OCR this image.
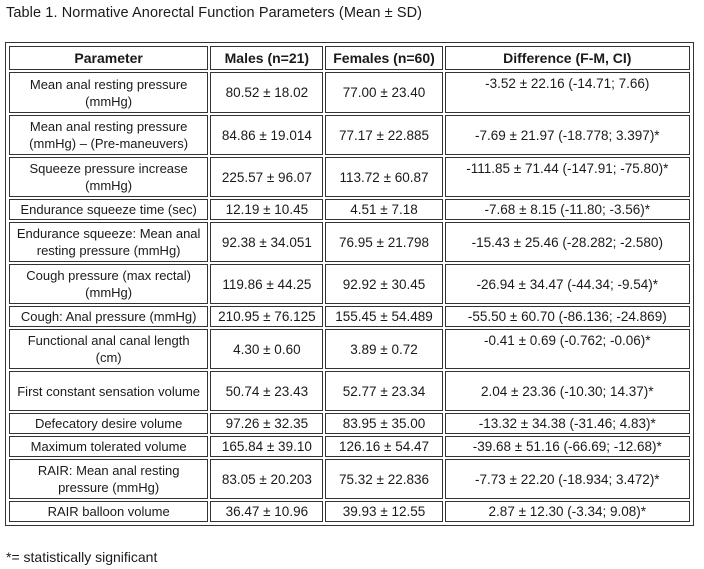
Table 1. Normative Anorectal Function Parameters (Mean ± SD)
Parameter	Males (n=21)	Females (n=60)	Difference (F-M, CI)
Mean anal resting pressure (mmHg)	80.52 ± 18.02	77.00 ± 23.40	-3.52 ± 22.16 (-14.71; 7.66)
Mean anal resting pressure (mmHg) – (Pre-maneuvers)	84.86 ± 19.014	77.17 ± 22.885	-7.69 ± 21.97 (-18.778; 3.397)*
Squeeze pressure increase (mmHg)	225.57 ± 96.07	113.72 ± 60.87	-111.85 ± 71.44 (-147.91; -75.80)*
Endurance squeeze time (sec)	12.19 ± 10.45	4.51 ± 7.18	-7.68 ± 8.15 (-11.80; -3.56)*
Endurance squeeze: Mean anal resting pressure (mmHg)	92.38 ± 34.051	76.95 ± 21.798	-15.43 ± 25.46 (-28.282; -2.580)
Cough pressure (max rectal) (mmHg)	119.86 ± 44.25	92.92 ± 30.45	-26.94 ± 34.47 (-44.34; -9.54)*
Cough: Anal pressure (mmHg)	210.95 ± 76.125	155.45 ± 54.489	-55.50 ± 60.70 (-86.136; -24.869)
Functional anal canal length (cm)	4.30 ± 0.60	3.89 ± 0.72	-0.41 ± 0.69 (-0.762; -0.06)*
First constant sensation volume	50.74 ± 23.43	52.77 ± 23.34	2.04 ± 23.36 (-10.30; 14.37)*
Defecatory desire volume	97.26 ± 32.35	83.95 ± 35.00	-13.32 ± 34.38 (-31.46; 4.83)*
Maximum tolerated volume	165.84 ± 39.10	126.16 ± 54.47	-39.68 ± 51.16 (-66.69; -12.68)*
RAIR: Mean anal resting pressure (mmHg)	83.05 ± 20.203	75.32 ± 22.836	-7.73 ± 22.20 (-18.934; 3.472)*
RAIR balloon volume	36.47 ± 10.96	39.93 ± 12.55	2.87 ± 12.30 (-3.34; 9.08)*
*= statistically significant
